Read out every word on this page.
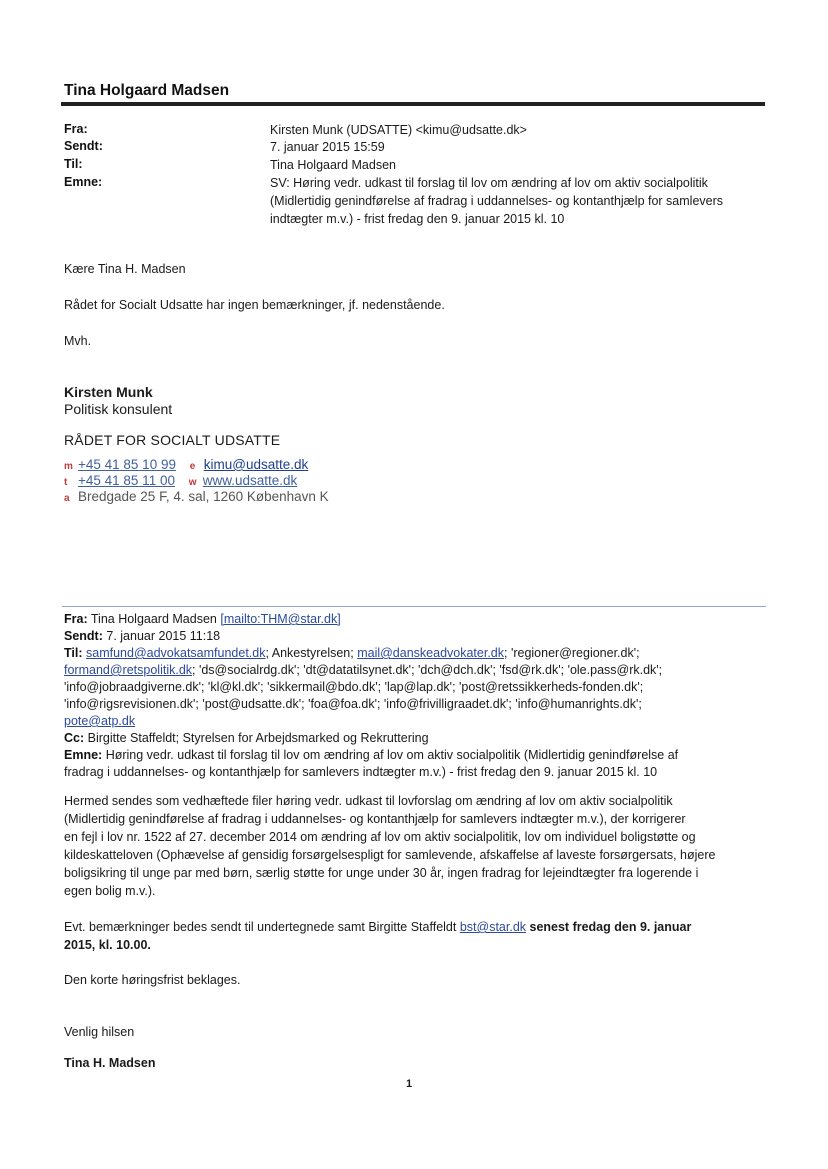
Tina Holgaard Madsen
Fra:	Kirsten Munk (UDSATTE) <kimu@udsatte.dk>
Sendt:	7. januar 2015 15:59
Til:	Tina Holgaard Madsen
Emne:	SV: Høring vedr. udkast til forslag til lov om ændring af lov om aktiv socialpolitik
(Midlertidig genindførelse af fradrag i uddannelses- og kontanthjælp for samlevers
indtægter m.v.) - frist fredag den 9. januar 2015 kl. 10
Kære Tina H. Madsen
Rådet for Socialt Udsatte har ingen bemærkninger, jf. nedenstående.
Mvh.
Kirsten Munk
Politisk konsulent
RÅDET FOR SOCIALT UDSATTE
m +45 41 85 10 99 e kimu@udsatte.dk
t +45 41 85 11 00 w www.udsatte.dk
a Bredgade 25 F, 4. sal, 1260 København K
Fra: Tina Holgaard Madsen [mailto:THM@star.dk]
Sendt: 7. januar 2015 11:18
Til: samfund@advokatsamfundet.dk; Ankestyrelsen; mail@danskeadvokater.dk; 'regioner@regioner.dk';
formand@retspolitik.dk; 'ds@socialrdg.dk'; 'dt@datatilsynet.dk'; 'dch@dch.dk'; 'fsd@rk.dk'; 'ole.pass@rk.dk';
'info@jobraadgiverne.dk'; 'kl@kl.dk'; 'sikkermail@bdo.dk'; 'lap@lap.dk'; 'post@retssikkerheds-fonden.dk';
'info@rigsrevisionen.dk'; 'post@udsatte.dk'; 'foa@foa.dk'; 'info@frivilligraadet.dk'; 'info@humanrights.dk';
pote@atp.dk
Cc: Birgitte Staffeldt; Styrelsen for Arbejdsmarked og Rekruttering
Emne: Høring vedr. udkast til forslag til lov om ændring af lov om aktiv socialpolitik (Midlertidig genindførelse af
fradrag i uddannelses- og kontanthjælp for samlevers indtægter m.v.) - frist fredag den 9. januar 2015 kl. 10
Hermed sendes som vedhæftede filer høring vedr. udkast til lovforslag om ændring af lov om aktiv socialpolitik
(Midlertidig genindførelse af fradrag i uddannelses- og kontanthjælp for samlevers indtægter m.v.), der korrigerer
en fejl i lov nr. 1522 af 27. december 2014 om ændring af lov om aktiv socialpolitik, lov om individuel boligstøtte og
kildeskatteloven (Ophævelse af gensidig forsørgelsespligt for samlevende, afskaffelse af laveste forsørgersats, højere
boligsikring til unge par med børn, særlig støtte for unge under 30 år, ingen fradrag for lejeindtægter fra logerende i
egen bolig m.v.).
Evt. bemærkninger bedes sendt til undertegnede samt Birgitte Staffeldt bst@star.dk senest fredag den 9. januar
2015, kl. 10.00.
Den korte høringsfrist beklages.
Venlig hilsen
Tina H. Madsen
1
